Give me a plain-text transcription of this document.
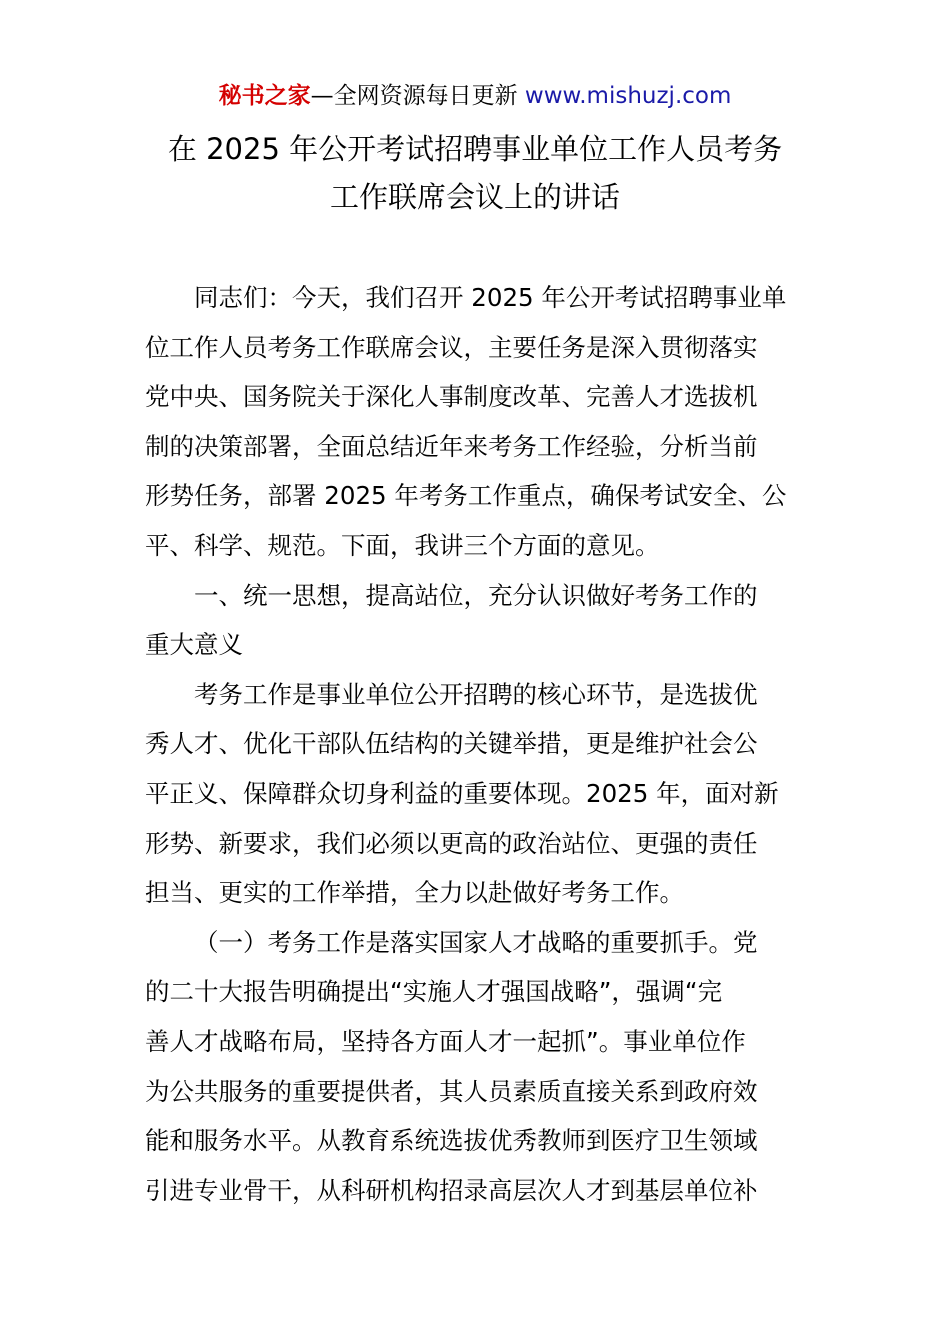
秘书之家—全网资源每日更新 www.mishuzj.com
在 2025 年公开考试招聘事业单位工作人员考务
工作联席会议上的讲话
同志们：今天，我们召开 2025 年公开考试招聘事业单
位工作人员考务工作联席会议，主要任务是深入贯彻落实
党中央、国务院关于深化人事制度改革、完善人才选拔机
制的决策部署，全面总结近年来考务工作经验，分析当前
形势任务，部署 2025 年考务工作重点，确保考试安全、公
平、科学、规范。下面，我讲三个方面的意见。
一、统一思想，提高站位，充分认识做好考务工作的
重大意义
考务工作是事业单位公开招聘的核心环节，是选拔优
秀人才、优化干部队伍结构的关键举措，更是维护社会公
平正义、保障群众切身利益的重要体现。2025 年，面对新
形势、新要求，我们必须以更高的政治站位、更强的责任
担当、更实的工作举措，全力以赴做好考务工作。
（一）考务工作是落实国家人才战略的重要抓手。党
的二十大报告明确提出“实施人才强国战略”，强调“完
善人才战略布局，坚持各方面人才一起抓”。事业单位作
为公共服务的重要提供者，其人员素质直接关系到政府效
能和服务水平。从教育系统选拔优秀教师到医疗卫生领域
引进专业骨干，从科研机构招录高层次人才到基层单位补
